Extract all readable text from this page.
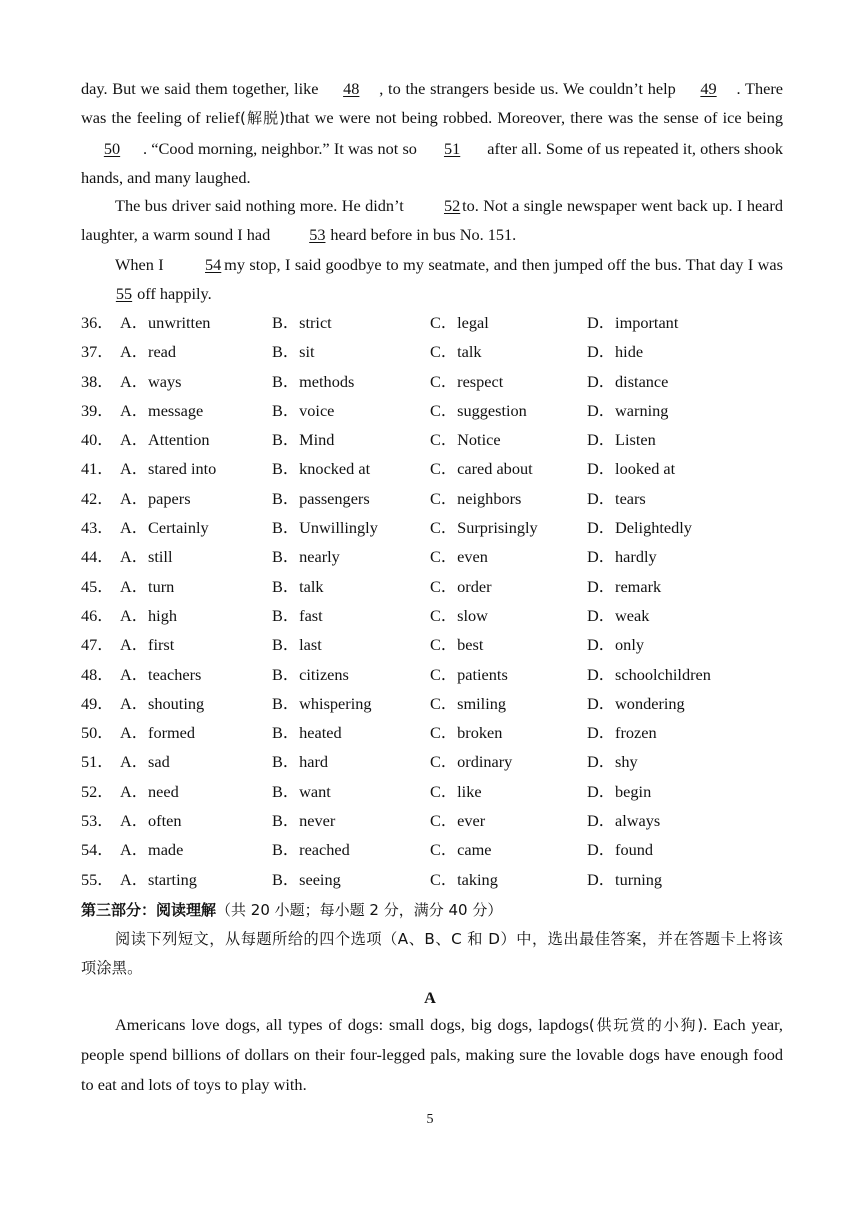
day. But we said them together, like 48 , to the strangers beside us. We couldn’t help 49 . There was the feeling of relief(解脱)that we were not being robbed. Moreover, there was the sense of ice being 50 . “Cood morning, neighbor.” It was not so 51 after all. Some of us repeated it, others shook hands, and many laughed.
The bus driver said nothing more. He didn’t 52 to. Not a single newspaper went back up. I heard laughter, a warm sound I had 53 heard before in bus No. 151.
When I	54 my stop, I said goodbye to my seatmate, and then jumped off the bus. That day I was 55 off happily.
36． A．unwritten	B．strict	C．legal	D．important
37． A．read	B．sit	C．talk	D．hide
38． A．ways	B．methods	C．respect	D．distance
39． A．message	B．voice	C．suggestion	D．warning
40． A．Attention	B．Mind	C．Notice	D．Listen
41． A．stared into	B．knocked at	C．cared about	D．looked at
42． A．papers	B．passengers	C．neighbors	D．tears
43． A．Certainly	B．Unwillingly	C．Surprisingly	D．Delightedly
44． A．still	B．nearly	C．even	D．hardly
45． A．turn	B．talk	C．order	D．remark
46． A．high	B．fast	C．slow	D．weak
47． A．first	B．last	C．best	D．only
48． A．teachers	B．citizens	C．patients	D．schoolchildren
49． A．shouting	B．whispering	C．smiling	D．wondering
50． A．formed	B．heated	C．broken	D．frozen
51． A．sad	B．hard	C．ordinary	D．shy
52． A．need	B．want	C．like	D．begin
53． A．often	B．never	C．ever	D．always
54． A．made	B．reached	C．came	D．found
55． A．starting	B．seeing	C．taking	D．turning
第三部分：阅读理解（共 20 小题；每小题 2 分，满分 40 分）
阅读下列短文，从每题所给的四个选项（A、B、C 和 D）中，选出最佳答案，并在答题卡上将该项涂黑。
A
Americans love dogs, all types of dogs: small dogs, big dogs, lapdogs(供玩赏的小狗). Each year, people spend billions of dollars on their four-legged pals, making sure the lovable dogs have enough food to eat and lots of toys to play with.
5
